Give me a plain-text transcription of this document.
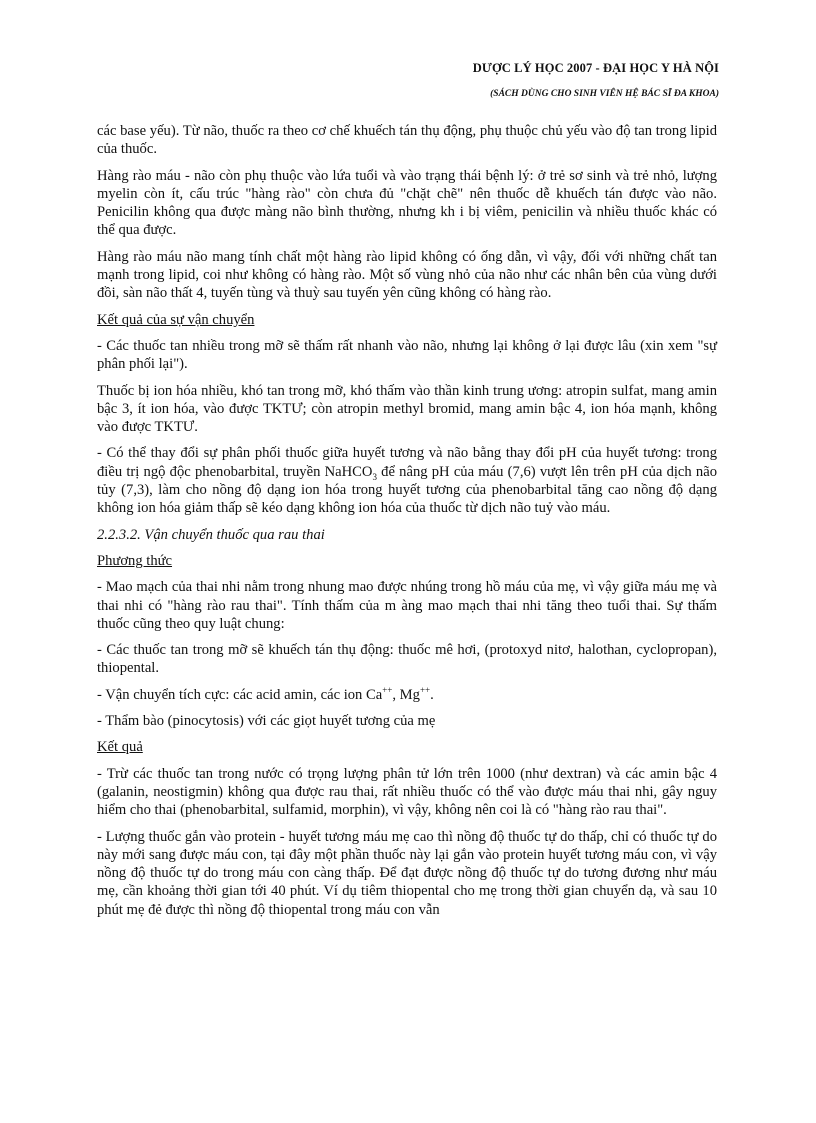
DƯỢC LÝ HỌC 2007 - ĐẠI HỌC Y HÀ NỘI
(SÁCH DÙNG CHO SINH VIÊN HỆ BÁC SĨ ĐA KHOA)

các base yếu). Từ não, thuốc ra theo cơ chế khuếch tán thụ động, phụ thuộc chủ yếu vào độ tan trong lipid của thuốc.

Hàng rào máu - não còn phụ thuộc vào lứa tuổi và vào trạng thái bệnh lý: ở trẻ sơ sinh và trẻ nhỏ, lượng myelin còn ít, cấu trúc "hàng rào" còn chưa đủ "chặt chẽ" nên thuốc dễ khuếch tán được vào não. Penicilin không qua được màng não bình thường, nhưng kh i bị viêm, penicilin và nhiều thuốc khác có thể qua được.

Hàng rào máu não mang tính chất một hàng rào lipid không có ống dẫn, vì vậy, đối với những chất tan mạnh trong lipid, coi như không có hàng rào. Một số vùng nhỏ của não như các nhân bên của vùng dưới đồi, sàn não thất 4, tuyến tùng và thuỳ sau tuyến yên cũng không có hàng rào.

Kết quả của sự vận chuyển

- Các thuốc tan nhiều trong mỡ sẽ thấm rất nhanh vào não, nhưng lại không ở lại được lâu (xin xem "sự phân phối lại").

Thuốc bị ion hóa nhiều, khó tan trong mỡ, khó thấm vào thần kinh trung ương: atropin sulfat, mang amin bậc 3, ít ion hóa, vào được TKTƯ; còn atropin methyl bromid, mang amin bậc 4, ion hóa mạnh, không vào được TKTƯ.

- Có thể thay đổi sự phân phối thuốc giữa huyết tương và não bằng thay đổi pH của huyết tương: trong điều trị ngộ độc phenobarbital, truyền NaHCO$_3$ để nâng pH của máu (7,6) vượt lên trên pH của dịch não tủy (7,3), làm cho nồng độ dạng ion hóa trong huyết tương của phenobarbital tăng cao nồng độ dạng không ion hóa giảm thấp sẽ kéo dạng không ion hóa của thuốc từ dịch não tuỷ vào máu.

2.2.3.2. Vận chuyển thuốc qua rau thai

Phương thức

- Mao mạch của thai nhi nằm trong nhung mao được nhúng trong hồ máu của mẹ, vì vậy giữa máu mẹ và thai nhi có "hàng rào rau thai". Tính thấm của m àng mao mạch thai nhi tăng theo tuổi thai. Sự thấm thuốc cũng theo quy luật chung:

- Các thuốc tan trong mỡ sẽ khuếch tán thụ động: thuốc mê hơi, (protoxyd nitơ, halothan, cyclopropan), thiopental.

- Vận chuyển tích cực: các acid amin, các ion Ca++, Mg++.

- Thẩm bào (pinocytosis) với các giọt huyết tương của mẹ

Kết quả

- Trừ các thuốc tan trong nước có trọng lượng phân tử lớn trên 1000 (như dextran) và các amin bậc 4 (galanin, neostigmin) không qua được rau thai, rất nhiều thuốc có thể vào được máu thai nhi, gây nguy hiểm cho thai (phenobarbital, sulfamid, morphin), vì vậy, không nên coi là có "hàng rào rau thai".

- Lượng thuốc gắn vào protein - huyết tương máu mẹ cao thì nồng độ thuốc tự do thấp, chỉ có thuốc tự do này mới sang được máu con, tại đây một phần thuốc này lại gắn vào protein huyết tương máu con, vì vậy nồng độ thuốc tự do trong máu con càng thấp. Để đạt được nồng độ thuốc tự do tương đương như máu mẹ, cần khoảng thời gian tới 40 phút. Ví dụ tiêm thiopental cho mẹ trong thời gian chuyển dạ, và sau 10 phút mẹ đẻ được thì nồng độ thiopental trong máu con vẫn
